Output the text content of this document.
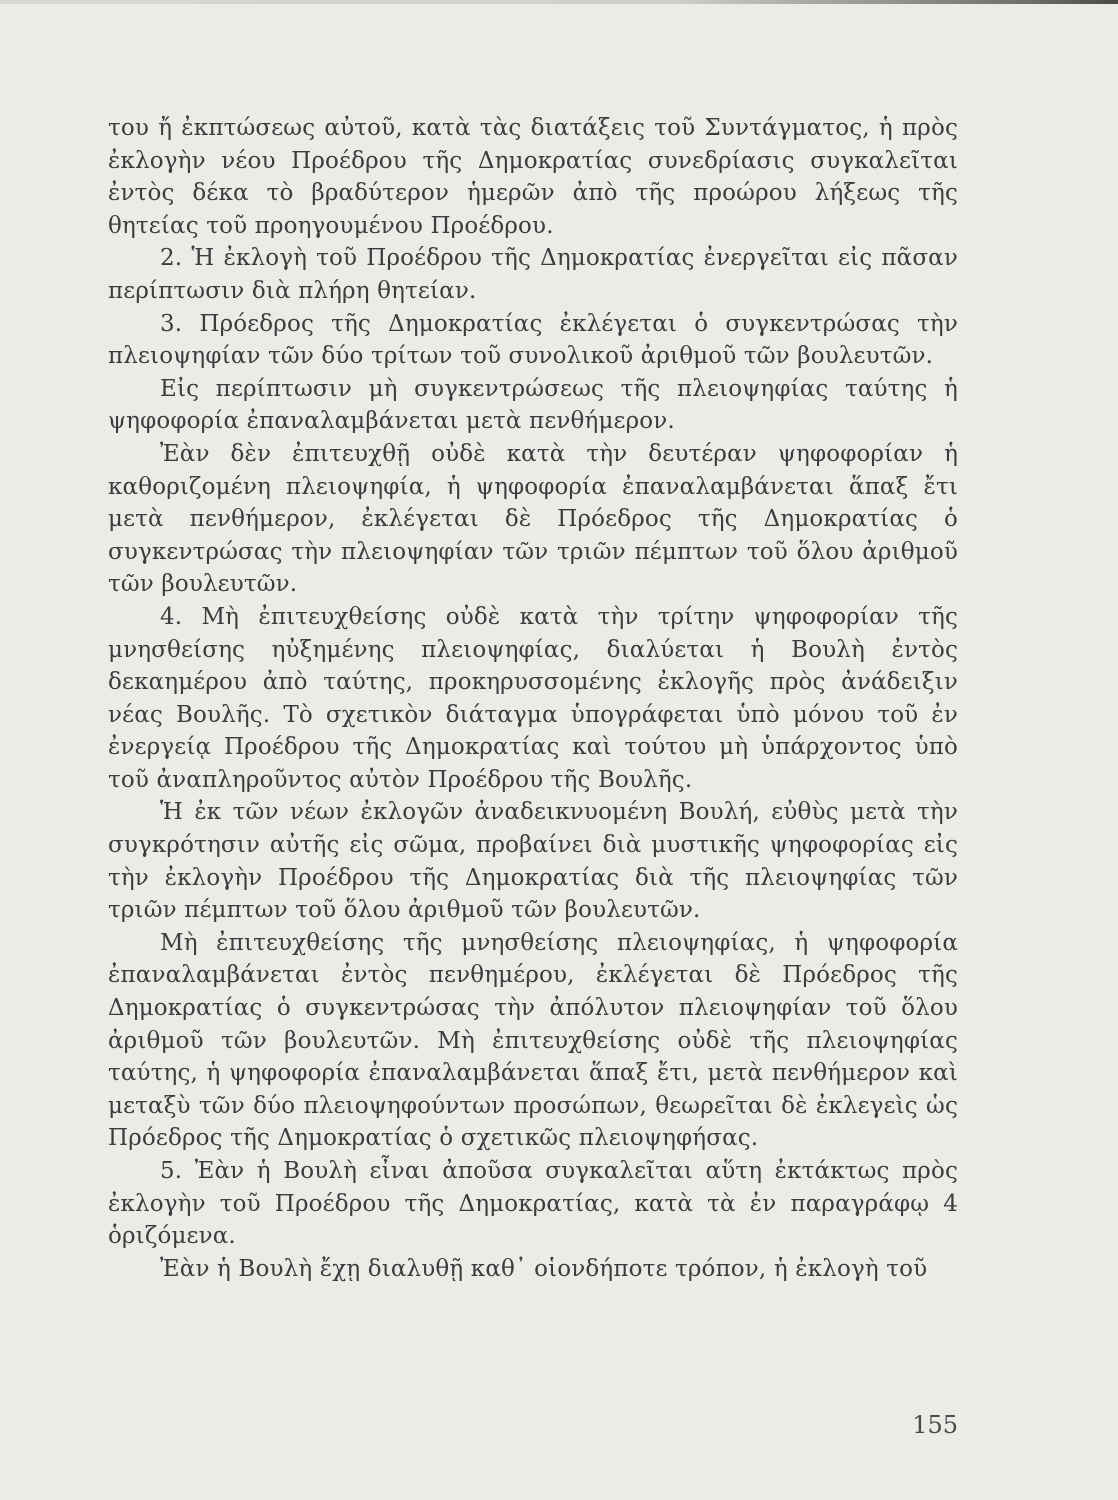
του ἤ ἐκπτώσεως αὐτοῦ, κατὰ τὰς διατάξεις τοῦ Συντάγματος, ἡ πρὸς ἐκλογὴν νέου Προέδρου τῆς Δημοκρατίας συνεδρίασις συγκαλεῖται ἐντὸς δέκα τὸ βραδύτερον ἡμερῶν ἀπὸ τῆς προώρου λήξεως τῆς θητείας τοῦ προηγουμένου Προέδρου.

2. Ἡ ἐκλογὴ τοῦ Προέδρου τῆς Δημοκρατίας ἐνεργεῖται εἰς πᾶσαν περίπτωσιν διὰ πλήρη θητείαν.

3. Πρόεδρος τῆς Δημοκρατίας ἐκλέγεται ὁ συγκεντρώσας τὴν πλειοψηφίαν τῶν δύο τρίτων τοῦ συνολικοῦ ἀριθμοῦ τῶν βουλευτῶν.

Εἰς περίπτωσιν μὴ συγκεντρώσεως τῆς πλειοψηφίας ταύτης ἡ ψηφοφορία ἐπαναλαμβάνεται μετὰ πενθήμερον.

Ἐὰν δὲν ἐπιτευχθῇ οὐδὲ κατὰ τὴν δευτέραν ψηφοφορίαν ἡ καθοριζομένη πλειοψηφία, ἡ ψηφοφορία ἐπαναλαμβάνεται ἅπαξ ἔτι μετὰ πενθήμερον, ἐκλέγεται δὲ Πρόεδρος τῆς Δημοκρατίας ὁ συγκεντρώσας τὴν πλειοψηφίαν τῶν τριῶν πέμπτων τοῦ ὅλου ἀριθμοῦ τῶν βουλευτῶν.

4. Μὴ ἐπιτευχθείσης οὐδὲ κατὰ τὴν τρίτην ψηφοφορίαν τῆς μνησθείσης ηὐξημένης πλειοψηφίας, διαλύεται ἡ Βουλὴ ἐντὸς δεκαημέρου ἀπὸ ταύτης, προκηρυσσομένης ἐκλογῆς πρὸς ἀνάδειξιν νέας Βουλῆς. Τὸ σχετικὸν διάταγμα ὑπογράφεται ὑπὸ μόνου τοῦ ἐν ἐνεργείᾳ Προέδρου τῆς Δημοκρατίας καὶ τούτου μὴ ὑπάρχοντος ὑπὸ τοῦ ἀναπληροῦντος αὐτὸν Προέδρου τῆς Βουλῆς.

Ἡ ἐκ τῶν νέων ἐκλογῶν ἀναδεικνυομένη Βουλή, εὐθὺς μετὰ τὴν συγκρότησιν αὐτῆς εἰς σῶμα, προβαίνει διὰ μυστικῆς ψηφοφορίας εἰς τὴν ἐκλογὴν Προέδρου τῆς Δημοκρατίας διὰ τῆς πλειοψηφίας τῶν τριῶν πέμπτων τοῦ ὅλου ἀριθμοῦ τῶν βουλευτῶν.

Μὴ ἐπιτευχθείσης τῆς μνησθείσης πλειοψηφίας, ἡ ψηφοφορία ἐπαναλαμβάνεται ἐντὸς πενθημέρου, ἐκλέγεται δὲ Πρόεδρος τῆς Δημοκρατίας ὁ συγκεντρώσας τὴν ἀπόλυτον πλειοψηφίαν τοῦ ὅλου ἀριθμοῦ τῶν βουλευτῶν. Μὴ ἐπιτευχθείσης οὐδὲ τῆς πλειοψηφίας ταύτης, ἡ ψηφοφορία ἐπαναλαμβάνεται ἅπαξ ἔτι, μετὰ πενθήμερον καὶ μεταξὺ τῶν δύο πλειοψηφούντων προσώπων, θεωρεῖται δὲ ἐκλεγεὶς ὡς Πρόεδρος τῆς Δημοκρατίας ὁ σχετικῶς πλειοψηφήσας.

5. Ἐὰν ἡ Βουλὴ εἶναι ἀποῦσα συγκαλεῖται αὕτη ἐκτάκτως πρὸς ἐκλογὴν τοῦ Προέδρου τῆς Δημοκρατίας, κατὰ τὰ ἐν παραγράφῳ 4 ὁριζόμενα.

Ἐὰν ἡ Βουλὴ ἔχῃ διαλυθῇ καθ᾽ οἱονδήποτε τρόπον, ἡ ἐκλογὴ τοῦ

155
